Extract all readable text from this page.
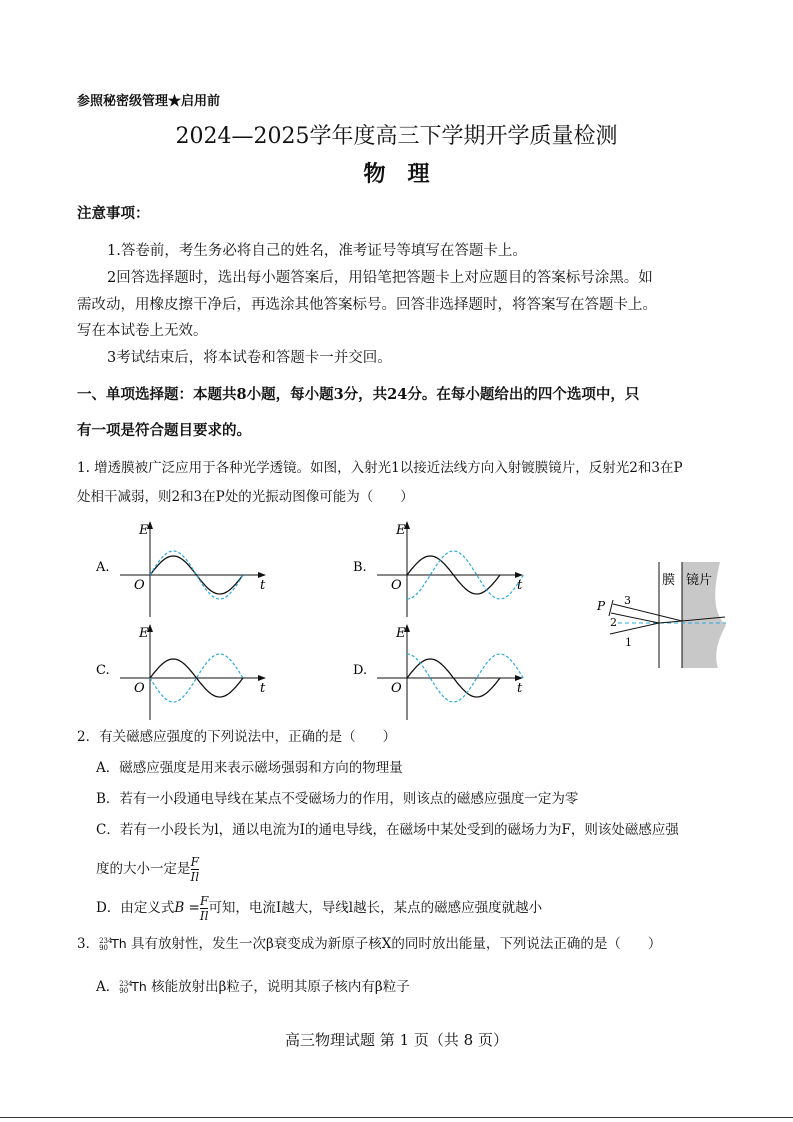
参照秘密级管理★启用前
2024—2025学年度高三下学期开学质量检测
物　理
注意事项：
1.答卷前，考生务必将自己的姓名，准考证号等填写在答题卡上。
2回答选择题时，选出每小题答案后，用铅笔把答题卡上对应题目的答案标号涂黑。如
需改动，用橡皮擦干净后，再选涂其他答案标号。回答非选择题时，将答案写在答题卡上。
写在本试卷上无效。
3考试结束后，将本试卷和答题卡一并交回。
一、单项选择题：本题共8小题，每小题3分，共24分。在每小题给出的四个选项中，只
有一项是符合题目要求的。
1. 增透膜被广泛应用于各种光学透镜。如图，入射光1以接近法线方向入射镀膜镜片，反射光2和3在P
处相干减弱，则2和3在P处的光振动图像可能为（　　）
A.
E
O	t
B.
E
O	t
C.
E
O	t
D.
E
O	t
P 3
2
1
膜 镜片
2．有关磁感应强度的下列说法中，正确的是（　　）
A．磁感应强度是用来表示磁场强弱和方向的物理量
B．若有一小段通电导线在某点不受磁场力的作用，则该点的磁感应强度一定为零
C．若有一小段长为l，通以电流为I的通电导线，在磁场中某处受到的磁场力为F，则该处磁感应强
度的大小一定是 $\frac{F}{Il}$
D．由定义式$B = \frac{F}{Il}$ 可知，电流I越大，导线l越长，某点的磁感应强度就越小
3． 234
90 Th 具有放射性，发生一次β衰变成为新原子核X的同时放出能量，下列说法正确的是（　　）
A． 234
90 Th 核能放射出β粒子，说明其原子核内有β粒子
高三物理试题 第 1 页（共 8 页）
